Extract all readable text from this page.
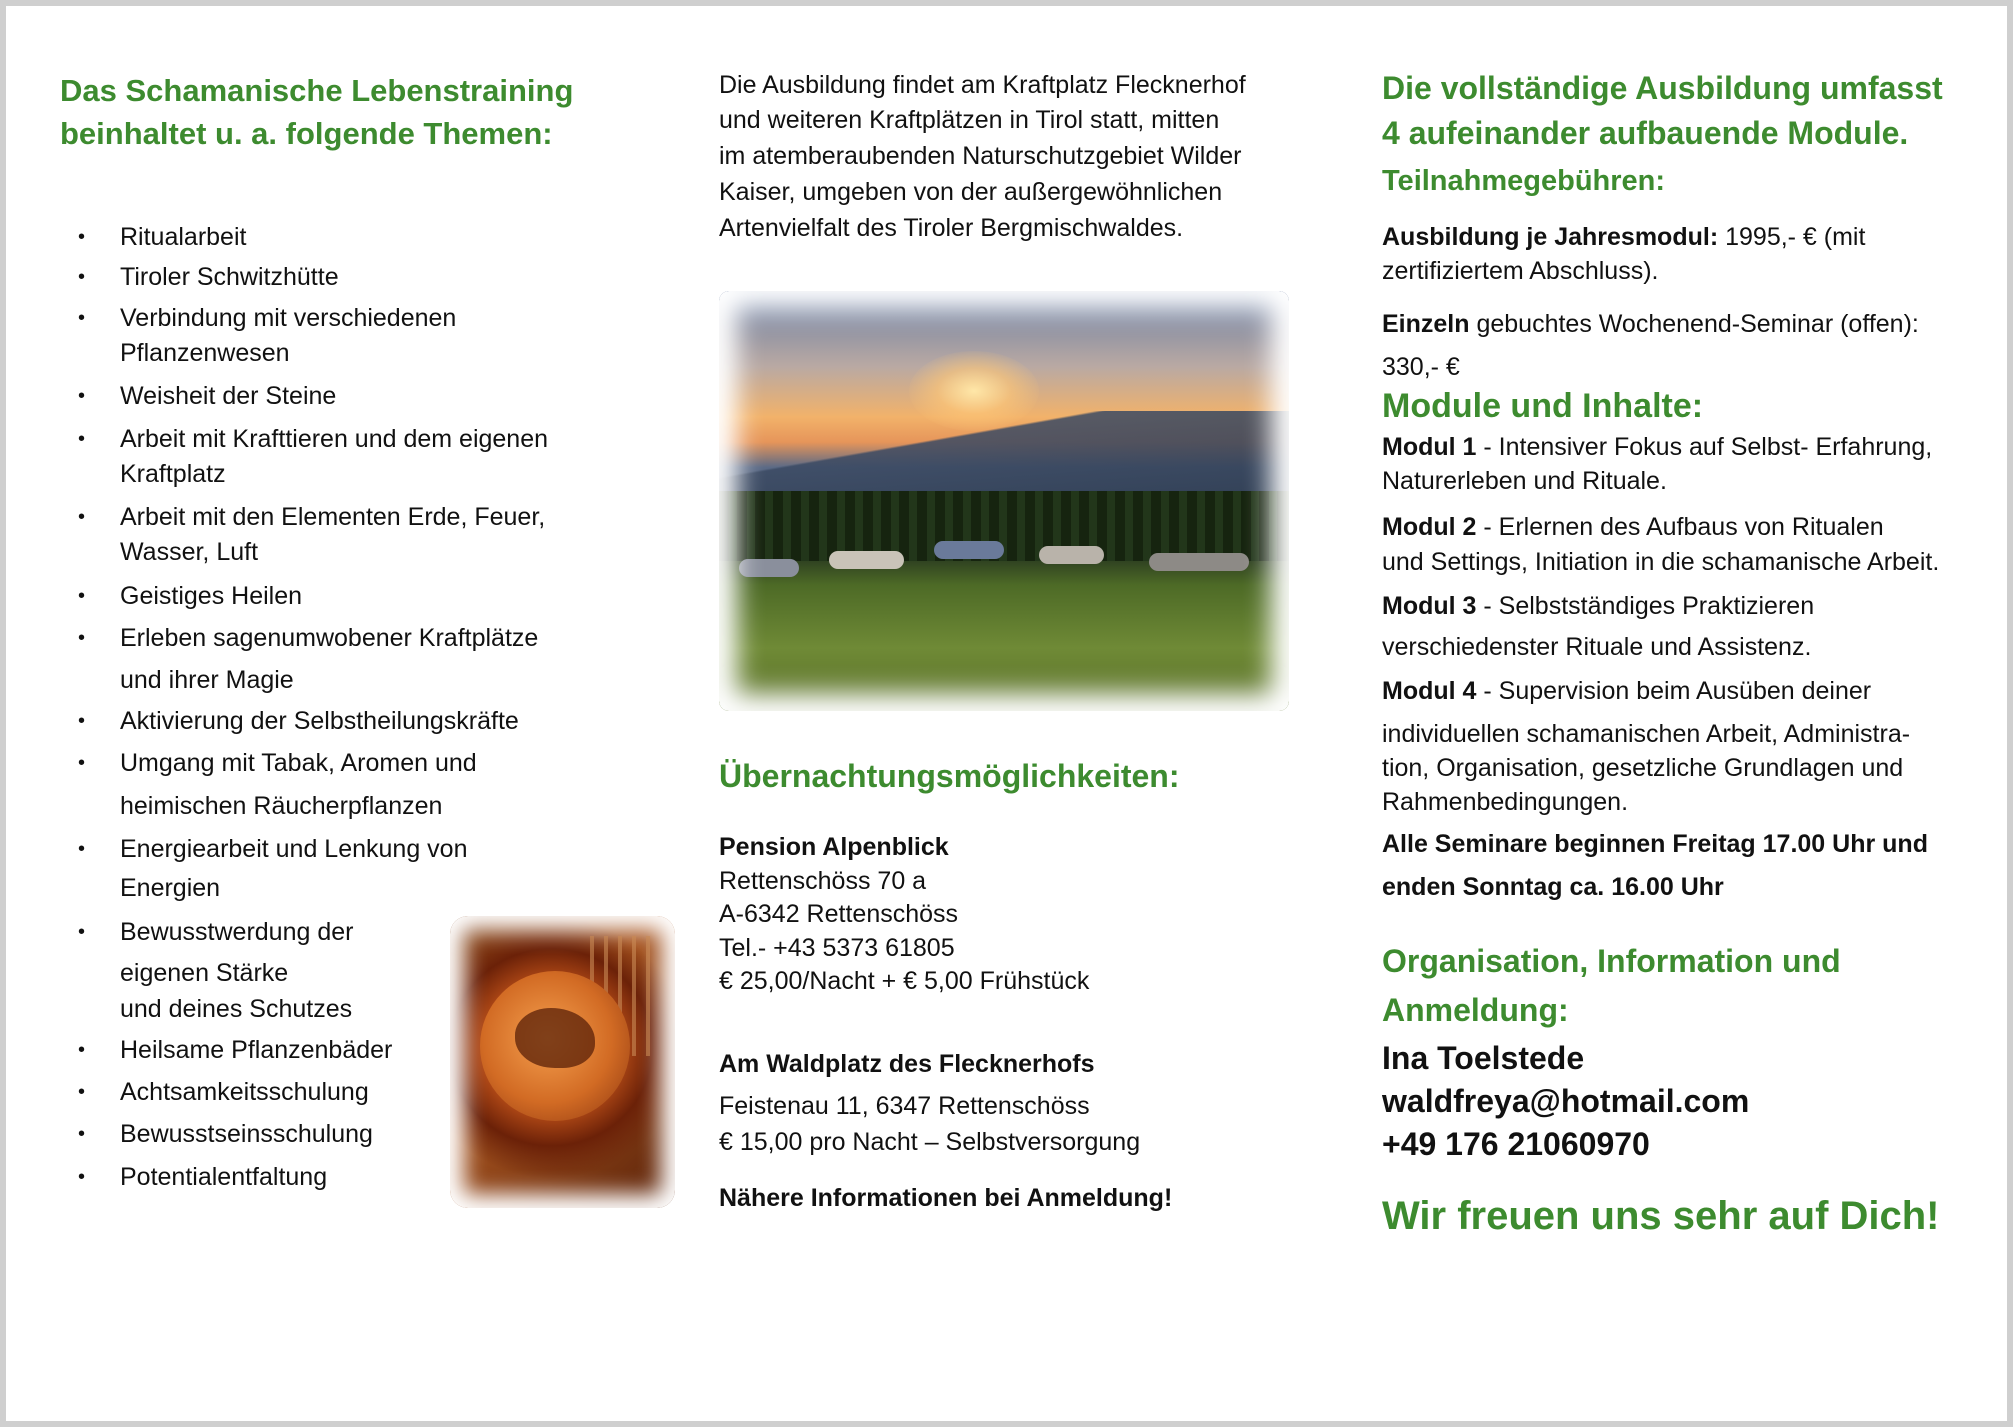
Das Schamanische Lebenstraining
beinhaltet u. a. folgende Themen:
• Ritualarbeit
• Tiroler Schwitzhütte
• Verbindung mit verschiedenen
Pflanzenwesen
• Weisheit der Steine
• Arbeit mit Krafttieren und dem eigenen
Kraftplatz
• Arbeit mit den Elementen Erde, Feuer,
Wasser, Luft
• Geistiges Heilen
• Erleben sagenumwobener Kraftplätze
und ihrer Magie
• Aktivierung der Selbstheilungskräfte
• Umgang mit Tabak, Aromen und
heimischen Räucherpflanzen
• Energiearbeit und Lenkung von
Energien
• Bewusstwerdung der
eigenen Stärke
und deines Schutzes
• Heilsame Pflanzenbäder
• Achtsamkeitsschulung
• Bewusstseinsschulung
• Potentialentfaltung
Die Ausbildung findet am Kraftplatz Flecknerhof
und weiteren Kraftplätzen in Tirol statt, mitten
im atemberaubenden Naturschutzgebiet Wilder
Kaiser, umgeben von der außergewöhnlichen
Artenvielfalt des Tiroler Bergmischwaldes.
Übernachtungsmöglichkeiten:
Pension Alpenblick
Rettenschöss 70 a
A-6342 Rettenschöss
Tel.- +43 5373 61805
€ 25,00/Nacht + € 5,00 Frühstück
Am Waldplatz des Flecknerhofs
Feistenau 11, 6347 Rettenschöss
€ 15,00 pro Nacht – Selbstversorgung
Nähere Informationen bei Anmeldung!
Die vollständige Ausbildung umfasst
4 aufeinander aufbauende Module.
Teilnahmegebühren:
Ausbildung je Jahresmodul: 1995,- € (mit
zertifiziertem Abschluss).
Einzeln gebuchtes Wochenend-Seminar (offen):
330,- €
Module und Inhalte:
Modul 1 - Intensiver Fokus auf Selbst- Erfahrung,
Naturerleben und Rituale.
Modul 2 - Erlernen des Aufbaus von Ritualen
und Settings, Initiation in die schamanische Arbeit.
Modul 3 - Selbstständiges Praktizieren
verschiedenster Rituale und Assistenz.
Modul 4 - Supervision beim Ausüben deiner
individuellen schamanischen Arbeit, Administra-
tion, Organisation, gesetzliche Grundlagen und
Rahmenbedingungen.
Alle Seminare beginnen Freitag 17.00 Uhr und
enden Sonntag ca. 16.00 Uhr
Organisation, Information und
Anmeldung:
Ina Toelstede
waldfreya@hotmail.com
+49 176 21060970
Wir freuen uns sehr auf Dich!
